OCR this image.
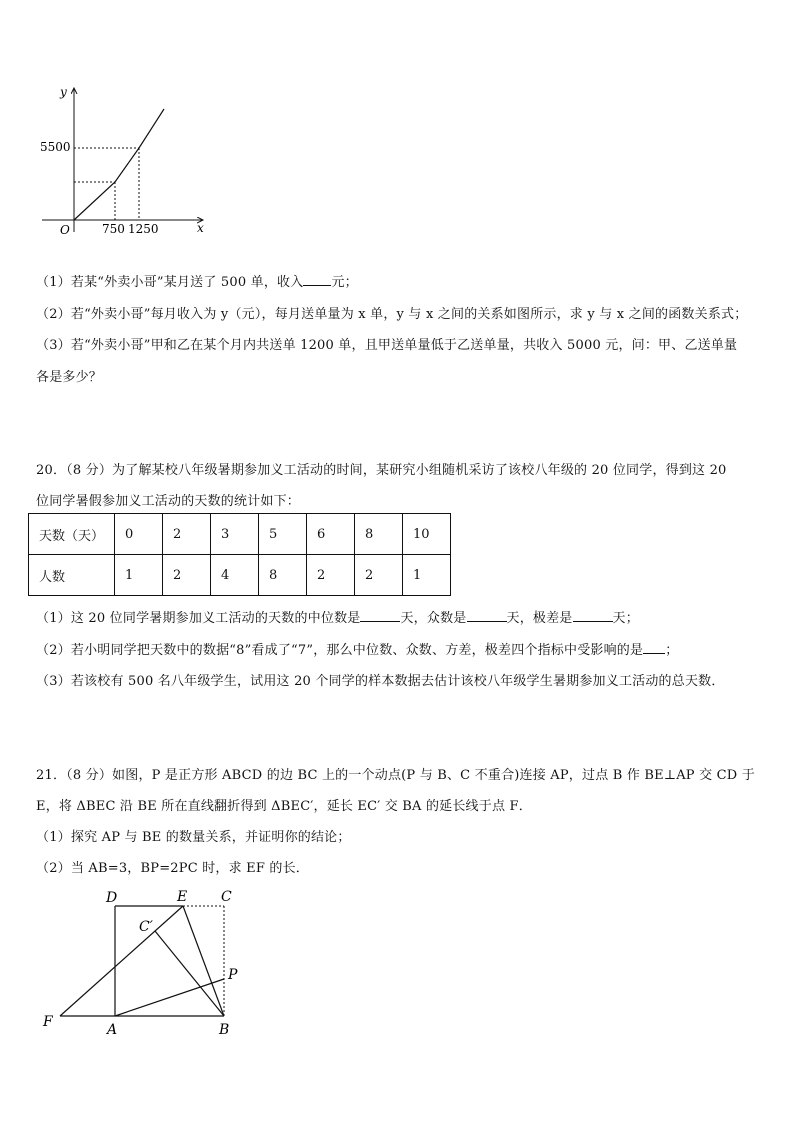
y
x
O
5500
750 1250
（1）若某“外卖小哥”某月送了 500 单，收入 元；
（2）若“外卖小哥”每月收入为 y（元），每月送单量为 x 单，y 与 x 之间的关系如图所示，求 y 与 x 之间的函数关系式；
（3）若“外卖小哥”甲和乙在某个月内共送单 1200 单，且甲送单量低于乙送单量，共收入 5000 元，问：甲、乙送单量
各是多少？
20．（8 分）为了解某校八年级暑期参加义工活动的时间，某研究小组随机采访了该校八年级的 20 位同学，得到这 20
位同学暑假参加义工活动的天数的统计如下：
天数（天）	0	2	3	5	6	8	10
人数	1	2	4	8	2	2	1
（1）这 20 位同学暑期参加义工活动的天数的中位数是	天，众数是	天，极差是	天；
（2）若小明同学把天数中的数据“8”看成了“7”，那么中位数、众数、方差，极差四个指标中受影响的是 ；
（3）若该校有 500 名八年级学生，试用这 20 个同学的样本数据去估计该校八年级学生暑期参加义工活动的总天数．
21．（8 分）如图，P 是正方形 ABCD 的边 BC 上的一个动点(P 与 B、C 不重合)连接 AP，过点 B 作 BE⊥AP 交 CD 于
E，将 ΔBEC 沿 BE 所在直线翻折得到 ΔBEC′，延长 EC′ 交 BA 的延长线于点 F．
（1）探究 AP 与 BE 的数量关系，并证明你的结论；
（2）当 AB=3，BP=2PC 时，求 EF 的长．
D	E C
C′
P
F	A	B
